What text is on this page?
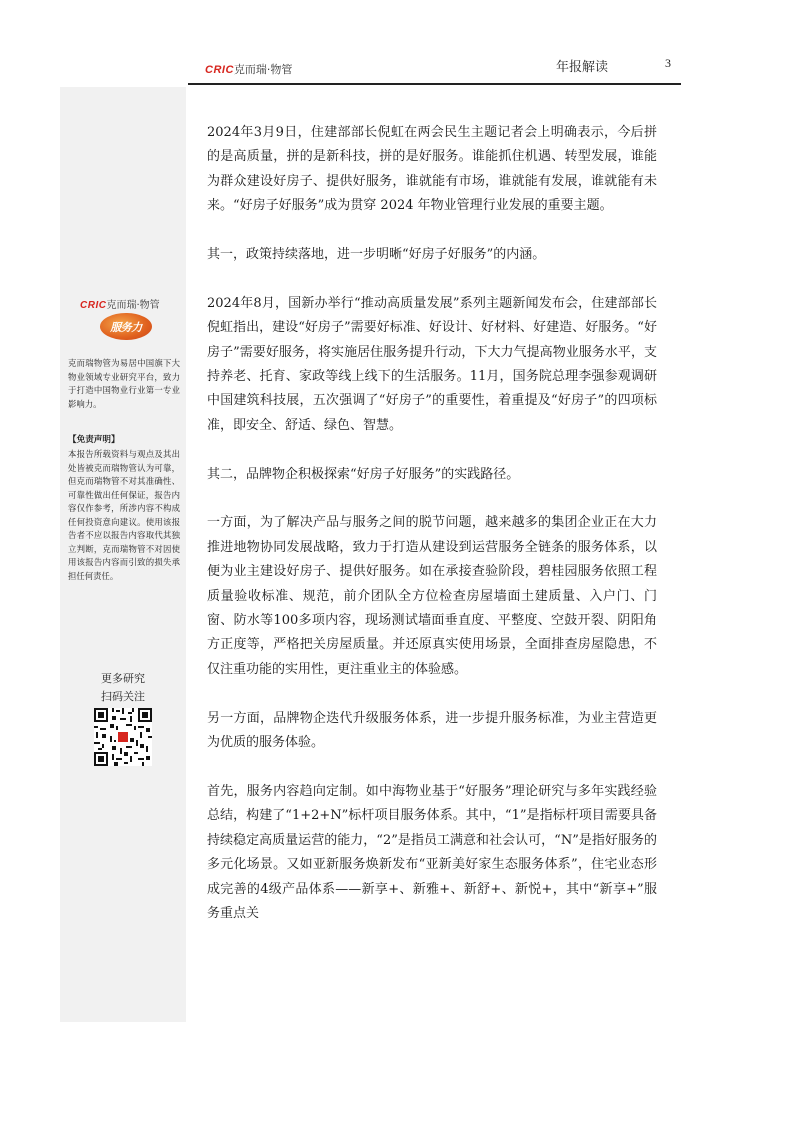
CRIC 克而瑞·物管	年报解读	3
CRIC克而瑞·物管
服务力
克而瑞物管为易居中国旗下大物业领域专业研究平台，致力于打造中国物业行业第一专业影响力。
【免责声明】
本报告所载资料与观点及其出处皆被克而瑞物管认为可靠，但克而瑞物管不对其准确性、可靠性做出任何保证，报告内容仅作参考，所涉内容不构成任何投资意向建议。使用该报告者不应以报告内容取代其独立判断，克而瑞物管不对因使用该报告内容而引致的损失承担任何责任。
更多研究
扫码关注

2024年3月9日，住建部部长倪虹在两会民生主题记者会上明确表示，今后拼的是高质量，拼的是新科技，拼的是好服务。谁能抓住机遇、转型发展，谁能为群众建设好房子、提供好服务，谁就能有市场，谁就能有发展，谁就能有未来。“好房子好服务”成为贯穿 2024 年物业管理行业发展的重要主题。

其一，政策持续落地，进一步明晰“好房子好服务”的内涵。

2024年8月，国新办举行“推动高质量发展”系列主题新闻发布会，住建部部长倪虹指出，建设“好房子”需要好标准、好设计、好材料、好建造、好服务。“好房子”需要好服务，将实施居住服务提升行动，下大力气提高物业服务水平，支持养老、托育、家政等线上线下的生活服务。11月，国务院总理李强参观调研中国建筑科技展，五次强调了“好房子”的重要性，着重提及“好房子”的四项标准，即安全、舒适、绿色、智慧。

其二，品牌物企积极探索“好房子好服务”的实践路径。

一方面，为了解决产品与服务之间的脱节问题，越来越多的集团企业正在大力推进地物协同发展战略，致力于打造从建设到运营服务全链条的服务体系，以便为业主建设好房子、提供好服务。如在承接查验阶段，碧桂园服务依照工程质量验收标准、规范，前介团队全方位检查房屋墙面土建质量、入户门、门窗、防水等100多项内容，现场测试墙面垂直度、平整度、空鼓开裂、阴阳角方正度等，严格把关房屋质量。并还原真实使用场景，全面排查房屋隐患，不仅注重功能的实用性，更注重业主的体验感。

另一方面，品牌物企迭代升级服务体系，进一步提升服务标准，为业主营造更为优质的服务体验。

首先，服务内容趋向定制。如中海物业基于“好服务”理论研究与多年实践经验总结，构建了“1+2+N”标杆项目服务体系。其中，“1”是指标杆项目需要具备持续稳定高质量运营的能力，“2”是指员工满意和社会认可，“N”是指好服务的多元化场景。又如亚新服务焕新发布“亚新美好家生态服务体系”，住宅业态形成完善的4级产品体系——新享+、新雅+、新舒+、新悦+，其中“新享+”服务重点关
